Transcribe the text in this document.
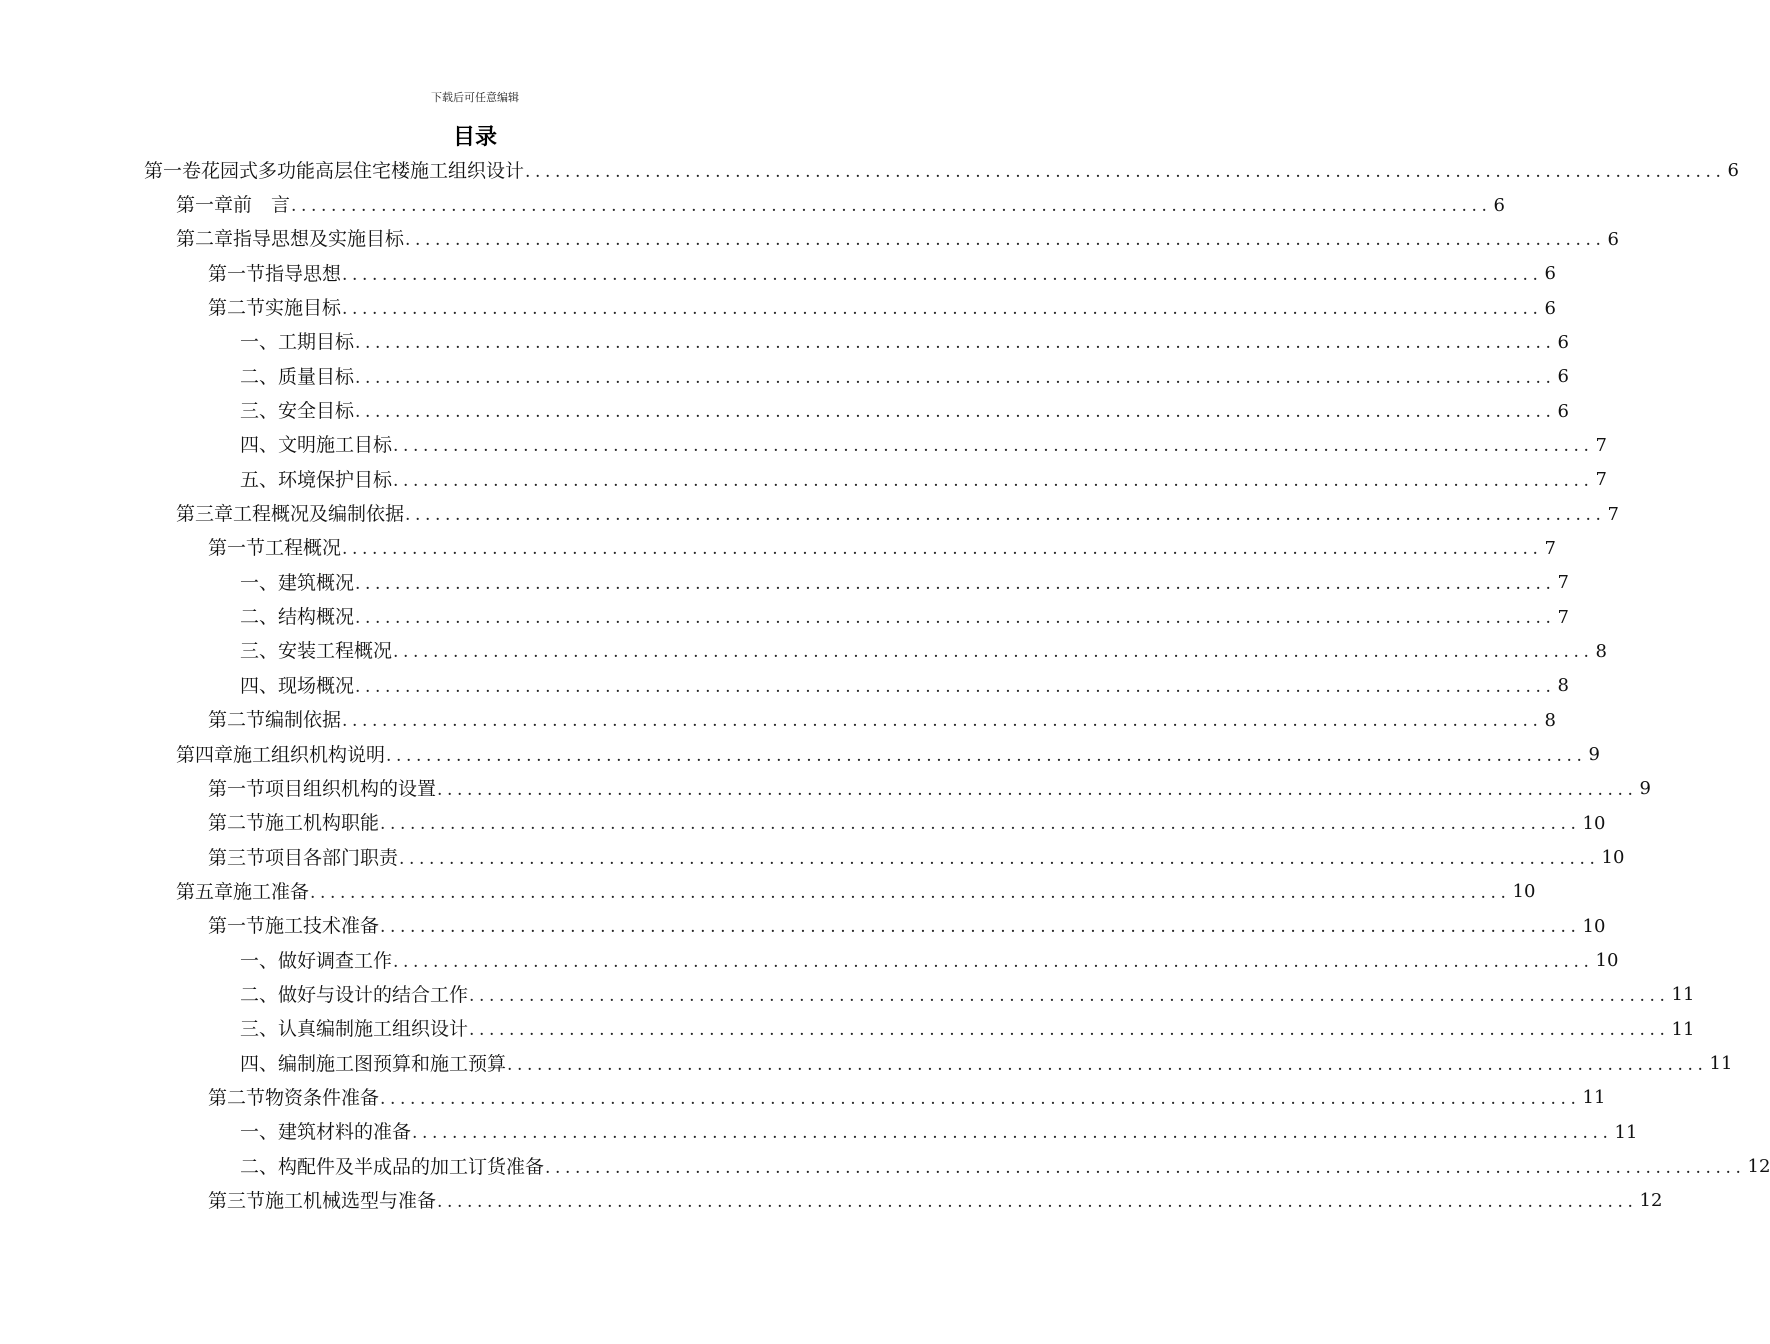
下载后可任意编辑
目录
第一卷 花园式多功能高层住宅楼施工组织设计 ........................................................................................................................ 6
第一章 前　言 ........................................................................................................................ 6
第二章 指导思想及实施目标 ........................................................................................................................ 6
第一节 指导思想 ........................................................................................................................ 6
第二节 实施目标 ........................................................................................................................ 6
一、 工期目标 ........................................................................................................................ 6
二、 质量目标 ........................................................................................................................ 6
三、 安全目标 ........................................................................................................................ 6
四、 文明施工目标 ........................................................................................................................ 7
五、 环境保护目标 ........................................................................................................................ 7
第三章 工程概况及编制依据 ........................................................................................................................ 7
第一节 工程概况 ........................................................................................................................ 7
一、 建筑概况 ........................................................................................................................ 7
二、 结构概况 ........................................................................................................................ 7
三、 安装工程概况 ........................................................................................................................ 8
四、 现场概况 ........................................................................................................................ 8
第二节 编制依据 ........................................................................................................................ 8
第四章 施工组织机构说明 ........................................................................................................................ 9
第一节 项目组织机构的设置 ........................................................................................................................ 9
第二节 施工机构职能 ........................................................................................................................ 10
第三节 项目各部门职责 ........................................................................................................................ 10
第五章 施工准备 ........................................................................................................................ 10
第一节 施工技术准备 ........................................................................................................................ 10
一、 做好调查工作 ........................................................................................................................ 10
二、 做好与设计的结合工作 ........................................................................................................................ 11
三、 认真编制施工组织设计 ........................................................................................................................ 11
四、 编制施工图预算和施工预算 ........................................................................................................................ 11
第二节 物资条件准备 ........................................................................................................................ 11
一、 建筑材料的准备 ........................................................................................................................ 11
二、 构配件及半成品的加工订货准备 ........................................................................................................................ 12
第三节 施工机械选型与准备 ........................................................................................................................ 12
